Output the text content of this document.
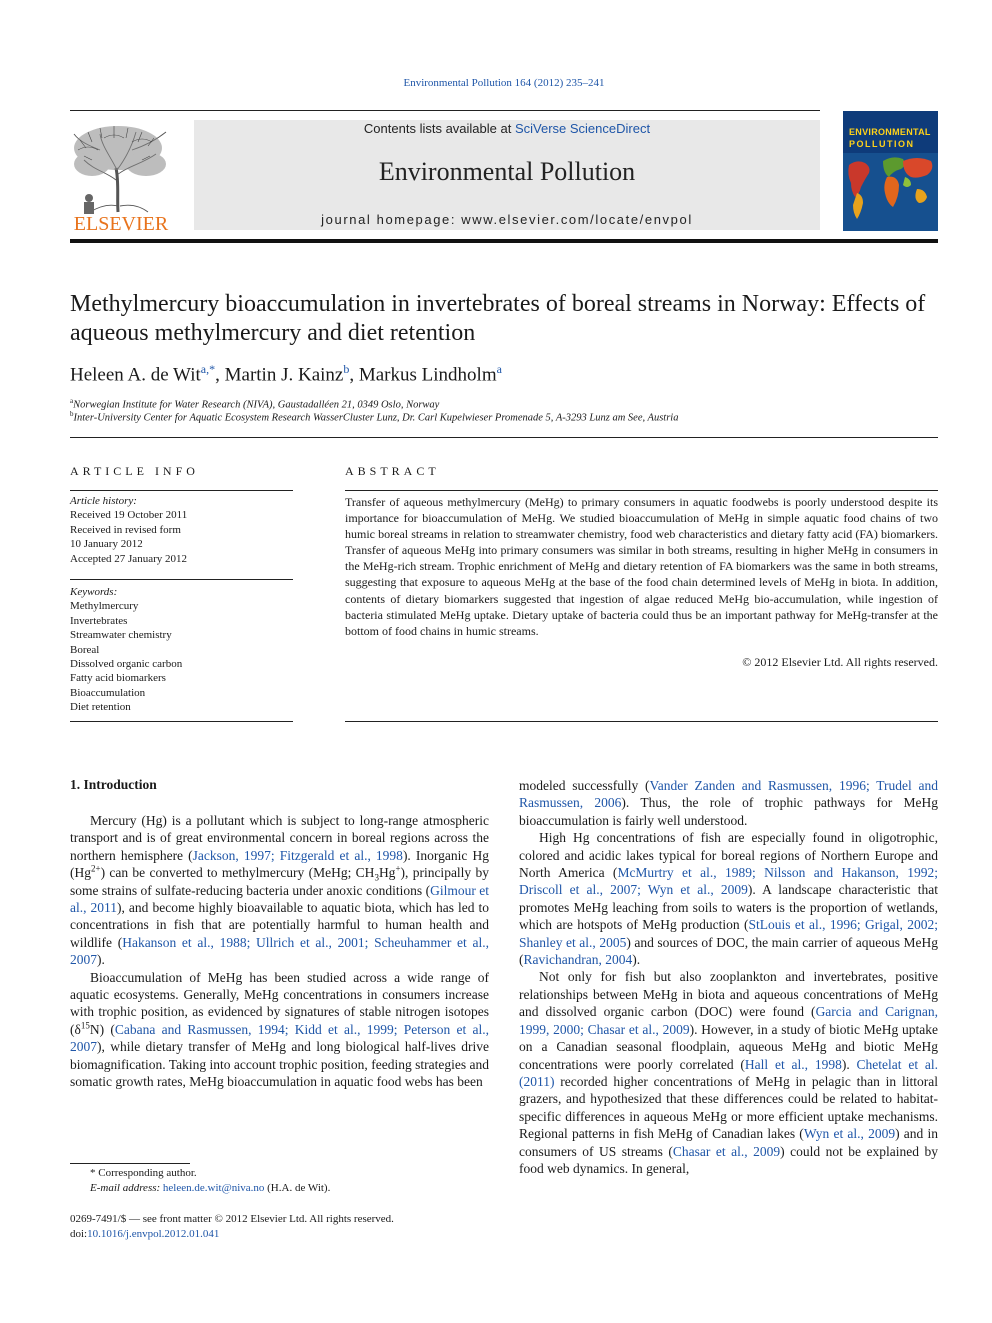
Environmental Pollution 164 (2012) 235–241
ELSEVIER
Contents lists available at SciVerse ScienceDirect
Environmental Pollution
journal homepage: www.elsevier.com/locate/envpol
ENVIRONMENTAL
POLLUTION
Methylmercury bioaccumulation in invertebrates of boreal streams in Norway: Effects of aqueous methylmercury and diet retention
Heleen A. de Wit$^{a,*}$, Martin J. Kainz$^b$, Markus Lindholm$^a$
$^a$Norwegian Institute for Water Research (NIVA), Gaustadalléen 21, 0349 Oslo, Norway
$^b$Inter-University Center for Aquatic Ecosystem Research WasserCluster Lunz, Dr. Carl Kupelwieser Promenade 5, A-3293 Lunz am See, Austria
ARTICLE INFO
Article history:
Received 19 October 2011
Received in revised form
10 January 2012
Accepted 27 January 2012
Keywords:
Methylmercury
Invertebrates
Streamwater chemistry
Boreal
Dissolved organic carbon
Fatty acid biomarkers
Bioaccumulation
Diet retention
ABSTRACT
Transfer of aqueous methylmercury (MeHg) to primary consumers in aquatic foodwebs is poorly understood despite its importance for bioaccumulation of MeHg. We studied bioaccumulation of MeHg in simple aquatic food chains of two humic boreal streams in relation to streamwater chemistry, food web characteristics and dietary fatty acid (FA) biomarkers. Transfer of aqueous MeHg into primary consumers was similar in both streams, resulting in higher MeHg in consumers in the MeHg-rich stream. Trophic enrichment of MeHg and dietary retention of FA biomarkers was the same in both streams, suggesting that exposure to aqueous MeHg at the base of the food chain determined levels of MeHg in biota. In addition, contents of dietary biomarkers suggested that ingestion of algae reduced MeHg bio-accumulation, while ingestion of bacteria stimulated MeHg uptake. Dietary uptake of bacteria could thus be an important pathway for MeHg-transfer at the bottom of food chains in humic streams.
© 2012 Elsevier Ltd. All rights reserved.
1. Introduction

Mercury (Hg) is a pollutant which is subject to long-range atmospheric transport and is of great environmental concern in boreal regions across the northern hemisphere (Jackson, 1997; Fitzgerald et al., 1998). Inorganic Hg $(Hg^{2+})$ can be converted to methylmercury (MeHg; $CH_3Hg^+$), principally by some strains of sulfate-reducing bacteria under anoxic conditions (Gilmour et al., 2011), and become highly bioavailable to aquatic biota, which has led to concentrations in fish that are potentially harmful to human health and wildlife (Hakanson et al., 1988; Ullrich et al., 2001; Scheuhammer et al., 2007).

Bioaccumulation of MeHg has been studied across a wide range of aquatic ecosystems. Generally, MeHg concentrations in consumers increase with trophic position, as evidenced by signatures of stable nitrogen isotopes $(\delta^{15}N)$ (Cabana and Rasmussen, 1994; Kidd et al., 1999; Peterson et al., 2007), while dietary transfer of MeHg and long biological half-lives drive biomagnification. Taking into account trophic position, feeding strategies and somatic growth rates, MeHg bioaccumulation in aquatic food webs has been

modeled successfully (Vander Zanden and Rasmussen, 1996; Trudel and Rasmussen, 2006). Thus, the role of trophic pathways for MeHg bioaccumulation is fairly well understood.

High Hg concentrations of fish are especially found in oligotrophic, colored and acidic lakes typical for boreal regions of Northern Europe and North America (McMurtry et al., 1989; Nilsson and Hakanson, 1992; Driscoll et al., 2007; Wyn et al., 2009). A landscape characteristic that promotes MeHg leaching from soils to waters is the proportion of wetlands, which are hotspots of MeHg production (StLouis et al., 1996; Grigal, 2002; Shanley et al., 2005) and sources of DOC, the main carrier of aqueous MeHg (Ravichandran, 2004).

Not only for fish but also zooplankton and invertebrates, positive relationships between MeHg in biota and aqueous concentrations of MeHg and dissolved organic carbon (DOC) were found (Garcia and Carignan, 1999, 2000; Chasar et al., 2009). However, in a study of biotic MeHg uptake on a Canadian seasonal floodplain, aqueous MeHg and biotic MeHg concentrations were poorly correlated (Hall et al., 1998). Chetelat et al. (2011) recorded higher concentrations of MeHg in pelagic than in littoral grazers, and hypothesized that these differences could be related to habitat-specific differences in aqueous MeHg or more efficient uptake mechanisms. Regional patterns in fish MeHg of Canadian lakes (Wyn et al., 2009) and in consumers of US streams (Chasar et al., 2009) could not be explained by food web dynamics. In general,

* Corresponding author.
E-mail address: heleen.de.wit@niva.no (H.A. de Wit).
0269-7491/$ — see front matter © 2012 Elsevier Ltd. All rights reserved.
doi:10.1016/j.envpol.2012.01.041
